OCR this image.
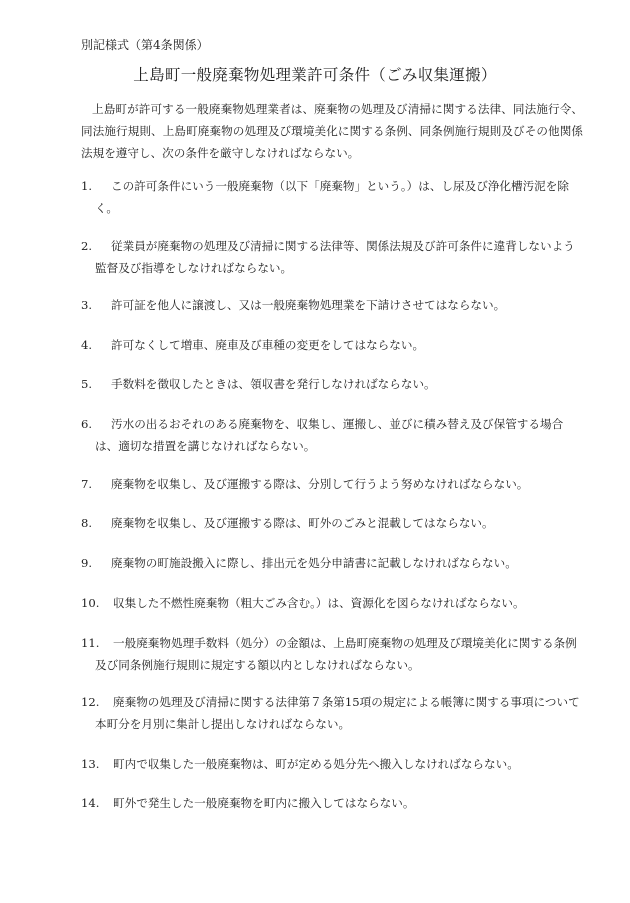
別記様式（第4条関係）
上島町一般廃棄物処理業許可条件（ごみ収集運搬）
上島町が許可する一般廃棄物処理業者は、廃棄物の処理及び清掃に関する法律、同法施行令、同法施行規則、上島町廃棄物の処理及び環境美化に関する条例、同条例施行規則及びその他関係法規を遵守し、次の条件を厳守しなければならない。
1.	この許可条件にいう一般廃棄物（以下「廃棄物」という。）は、し尿及び浄化槽汚泥を除く。
2.	従業員が廃棄物の処理及び清掃に関する法律等、関係法規及び許可条件に違背しないよう監督及び指導をしなければならない。
3.	許可証を他人に譲渡し、又は一般廃棄物処理業を下請けさせてはならない。
4.	許可なくして増車、廃車及び車種の変更をしてはならない。
5.	手数料を徴収したときは、領収書を発行しなければならない。
6.	汚水の出るおそれのある廃棄物を、収集し、運搬し、並びに積み替え及び保管する場合は、適切な措置を講じなければならない。
7.	廃棄物を収集し、及び運搬する際は、分別して行うよう努めなければならない。
8.	廃棄物を収集し、及び運搬する際は、町外のごみと混載してはならない。
9.	廃棄物の町施設搬入に際し、排出元を処分申請書に記載しなければならない。
10.	収集した不燃性廃棄物（粗大ごみ含む。）は、資源化を図らなければならない。
11.	一般廃棄物処理手数料（処分）の金額は、上島町廃棄物の処理及び環境美化に関する条例及び同条例施行規則に規定する額以内としなければならない。
12.	廃棄物の処理及び清掃に関する法律第７条第15項の規定による帳簿に関する事項について本町分を月別に集計し提出しなければならない。
13.	町内で収集した一般廃棄物は、町が定める処分先へ搬入しなければならない。
14.	町外で発生した一般廃棄物を町内に搬入してはならない。
